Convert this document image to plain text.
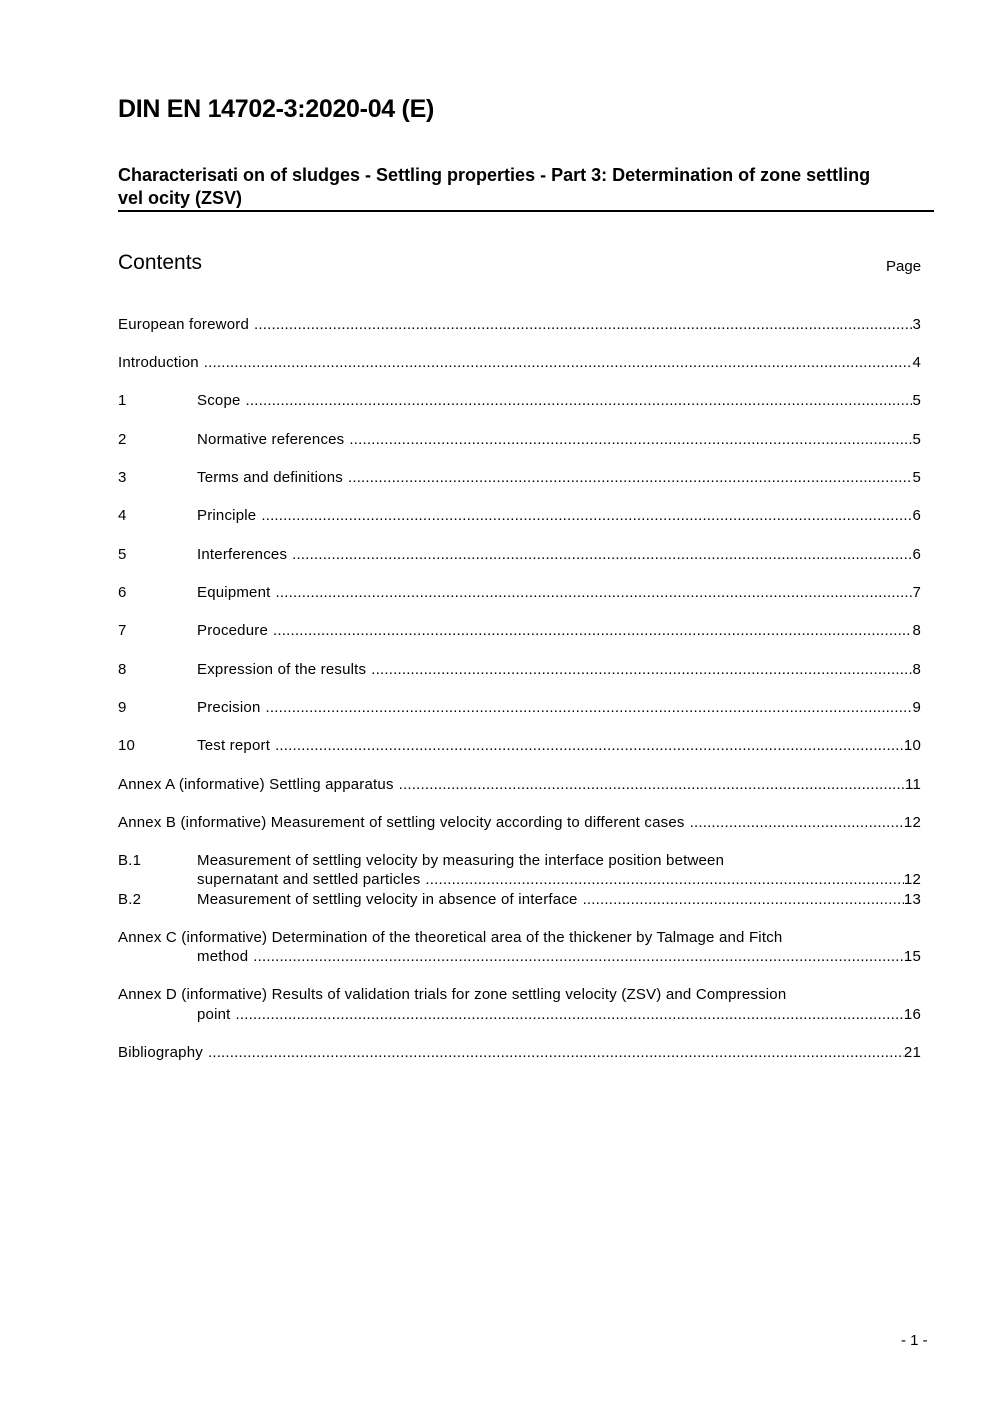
DIN EN 14702-3:2020-04 (E)
Characterisati on of sludges - Settling properties - Part 3: Determination of zone settling vel ocity (ZSV)
Contents	Page
European foreword .....	3
Introduction .....	4
1	Scope .....	5
2	Normative references .....	5
3	Terms and definitions .....	5
4	Principle .....	6
5	Interferences .....	6
6	Equipment .....	7
7	Procedure .....	8
8	Expression of the results .....	8
9	Precision .....	9
10	Test report .....	10
Annex A (informative) Settling apparatus .....	11
Annex B (informative) Measurement of settling velocity according to different cases .....	12
B.1	Measurement of settling velocity by measuring the interface position between
supernatant and settled particles .....	12
B.2	Measurement of settling velocity in absence of interface .....	13
Annex C (informative) Determination of the theoretical area of the thickener by Talmage and Fitch
method .....	15
Annex D (informative) Results of validation trials for zone settling velocity (ZSV) and Compression
point .....	16
Bibliography .....	21
- 1 -
